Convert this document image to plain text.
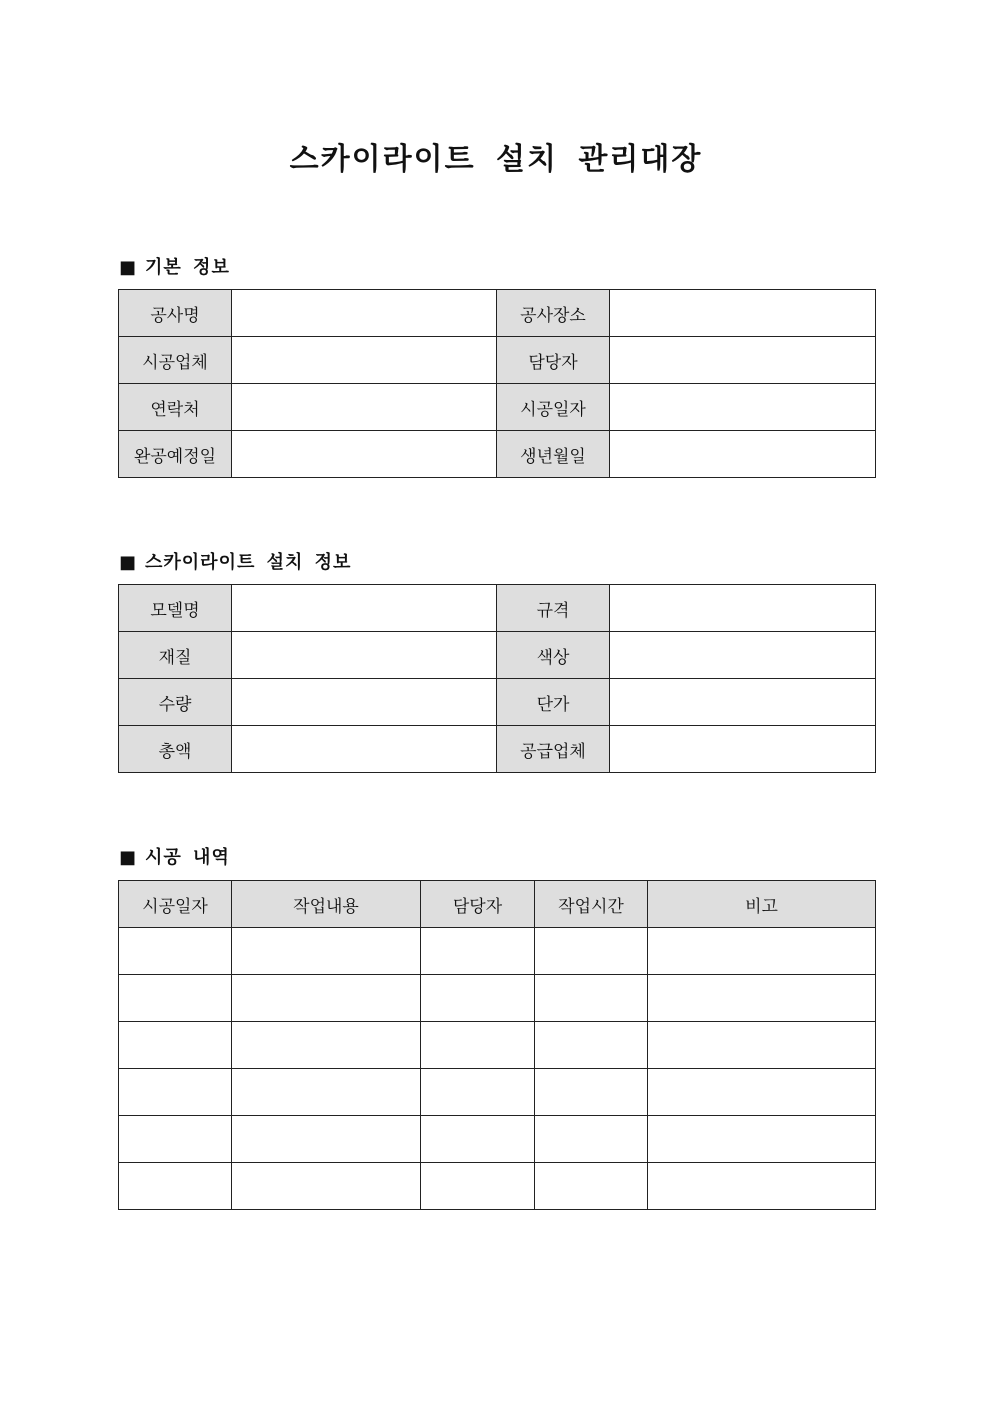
스카이라이트 설치 관리대장
■ 기본 정보
공사명		공사장소	
시공업체		담당자	
연락처		시공일자	
완공예정일		생년월일	
■ 스카이라이트 설치 정보
모델명		규격	
재질		색상	
수량		단가	
총액		공급업체	
■ 시공 내역
시공일자	작업내용	담당자	작업시간	비고
